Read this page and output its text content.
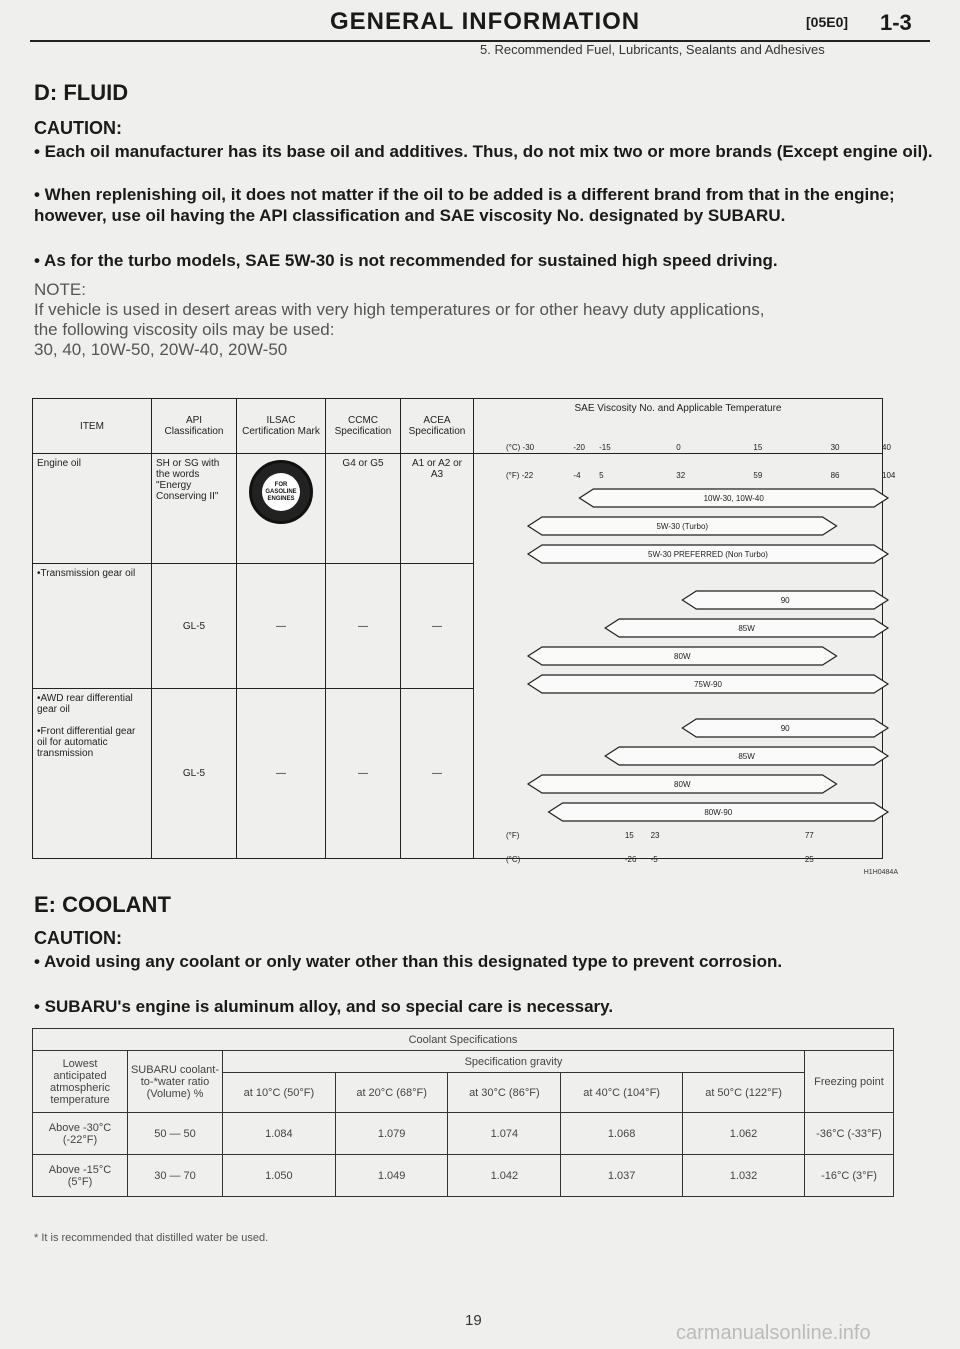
GENERAL INFORMATION	[05E0] 1-3
5. Recommended Fuel, Lubricants, Sealants and Adhesives
D: FLUID
CAUTION:
• Each oil manufacturer has its base oil and additives. Thus, do not mix two or more brands (Except engine oil).
• When replenishing oil, it does not matter if the oil to be added is a different brand from that in the engine; however, use oil having the API classification and SAE viscosity No. designated by SUBARU.
• As for the turbo models, SAE 5W-30 is not recommended for sustained high speed driving.
NOTE:
If vehicle is used in desert areas with very high temperatures or for other heavy duty applications,
the following viscosity oils may be used:
30, 40, 10W-50, 20W-40, 20W-50
ITEM	API Classification	ILSAC Certification Mark	CCMC Specification	ACEA Specification	SAE Viscosity No. and Applicable Temperature
Engine oil	SH or SG with the words "Energy Conserving II"	FOR GASOLINE ENGINES	G4 or G5	A1 or A2 or A3	
•Transmission gear oil	GL-5	—	—	—	
•AWD rear differential gear oil

•Front differential gear oil for automatic transmission	GL-5	—	—	—	
(°C) -30	-20 -15	0	15	30	40
(°F) -22	-4 5	32	59	86	104
10W-30, 10W-40
5W-30 (Turbo)
5W-30 PREFERRED (Non Turbo)
90
85W
80W
75W-90
90
85W
80W
80W-90
(°F)	15 23	77
(°C)	-26 -5	25
H1H0484A
E: COOLANT
CAUTION:
• Avoid using any coolant or only water other than this designated type to prevent corrosion.
• SUBARU's engine is aluminum alloy, and so special care is necessary.
Coolant Specifications							
Lowest anticipated atmospheric temperature	SUBARU coolant-to-*water ratio (Volume) %	Specification gravity					Freezing point
		at 10°C (50°F)	at 20°C (68°F)	at 30°C (86°F)	at 40°C (104°F)	at 50°C (122°F)	
Above -30°C (-22°F)	50 — 50	1.084	1.079	1.074	1.068	1.062	-36°C (-33°F)
Above -15°C (5°F)	30 — 70	1.050	1.049	1.042	1.037	1.032	-16°C (3°F)
* It is recommended that distilled water be used.
19
carmanualsonline.info
